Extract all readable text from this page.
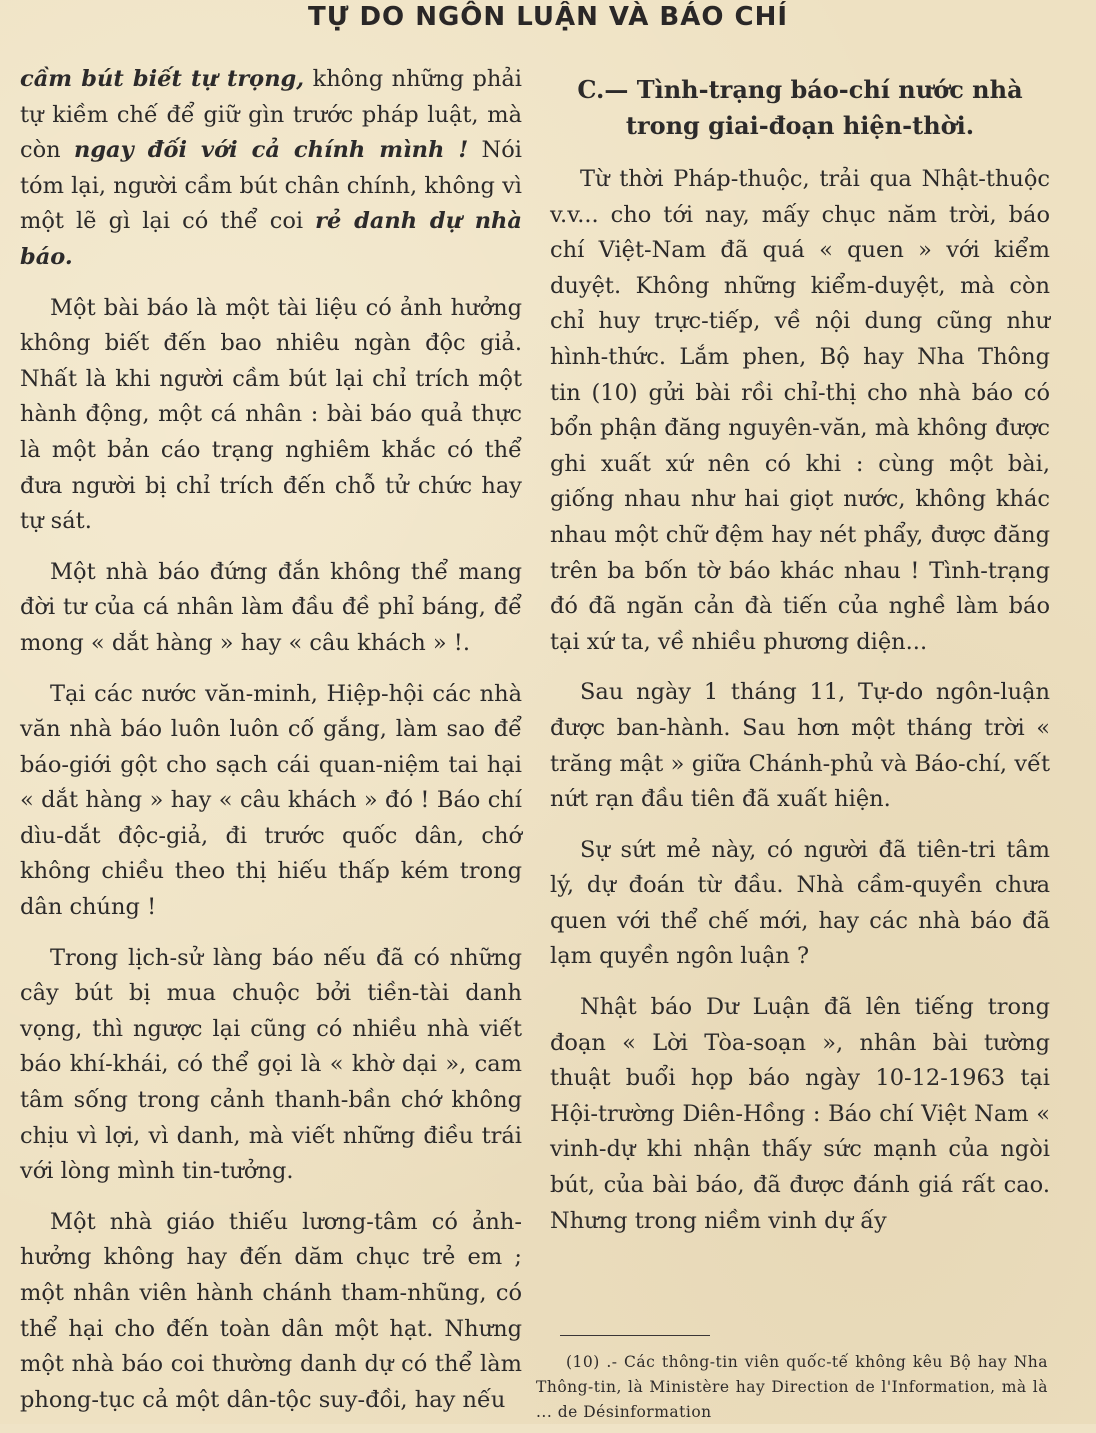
TỰ DO NGÔN LUẬN VÀ BÁO CHÍ

cầm bút biết tự trọng, không những phải tự kiềm chế để giữ gìn trước pháp luật, mà còn ngay đối với cả chính mình ! Nói tóm lại, người cầm bút chân chính, không vì một lẽ gì lại có thể coi rẻ danh dự nhà báo.

Một bài báo là một tài liệu có ảnh hưởng không biết đến bao nhiêu ngàn độc giả. Nhất là khi người cầm bút lại chỉ trích một hành động, một cá nhân : bài báo quả thực là một bản cáo trạng nghiêm khắc có thể đưa người bị chỉ trích đến chỗ tử chức hay tự sát.

Một nhà báo đứng đắn không thể mang đời tư của cá nhân làm đầu đề phỉ báng, để mong « dắt hàng » hay « câu khách » !.

Tại các nước văn-minh, Hiệp-hội các nhà văn nhà báo luôn luôn cố gắng, làm sao để báo-giới gột cho sạch cái quan-niệm tai hại « dắt hàng » hay « câu khách » đó ! Báo chí dìu-dắt độc-giả, đi trước quốc dân, chớ không chiều theo thị hiếu thấp kém trong dân chúng !

Trong lịch-sử làng báo nếu đã có những cây bút bị mua chuộc bởi tiền-tài danh vọng, thì ngược lại cũng có nhiều nhà viết báo khí-khái, có thể gọi là « khờ dại », cam tâm sống trong cảnh thanh-bần chớ không chịu vì lợi, vì danh, mà viết những điều trái với lòng mình tin-tưởng.

Một nhà giáo thiếu lương-tâm có ảnh-hưởng không hay đến dăm chục trẻ em ; một nhân viên hành chánh tham-nhũng, có thể hại cho đến toàn dân một hạt. Nhưng một nhà báo coi thường danh dự có thể làm phong-tục cả một dân-tộc suy-đồi, hay nếu

C.— Tình-trạng báo-chí nước nhà trong giai-đoạn hiện-thời.

Từ thời Pháp-thuộc, trải qua Nhật-thuộc v.v... cho tới nay, mấy chục năm trời, báo chí Việt-Nam đã quá « quen » với kiểm duyệt. Không những kiểm-duyệt, mà còn chỉ huy trực-tiếp, về nội dung cũng như hình-thức. Lắm phen, Bộ hay Nha Thông tin (10) gửi bài rồi chỉ-thị cho nhà báo có bổn phận đăng nguyên-văn, mà không được ghi xuất xứ nên có khi : cùng một bài, giống nhau như hai giọt nước, không khác nhau một chữ đệm hay nét phẩy, được đăng trên ba bốn tờ báo khác nhau ! Tình-trạng đó đã ngăn cản đà tiến của nghề làm báo tại xứ ta, về nhiều phương diện...

Sau ngày 1 tháng 11, Tự-do ngôn-luận được ban-hành. Sau hơn một tháng trời « trăng mật » giữa Chánh-phủ và Báo-chí, vết nứt rạn đầu tiên đã xuất hiện.

Sự sứt mẻ này, có người đã tiên-tri tâm lý, dự đoán từ đầu. Nhà cầm-quyền chưa quen với thể chế mới, hay các nhà báo đã lạm quyền ngôn luận ?

Nhật báo Dư Luận đã lên tiếng trong đoạn « Lời Tòa-soạn », nhân bài tường thuật buổi họp báo ngày 10-12-1963 tại Hội-trường Diên-Hồng : Báo chí Việt Nam « vinh-dự khi nhận thấy sức mạnh của ngòi bút, của bài báo, đã được đánh giá rất cao. Nhưng trong niềm vinh dự ấy

(10) .- Các thông-tin viên quốc-tế không kêu Bộ hay Nha Thông-tin, là Ministère hay Direction de l'Information, mà là ... de Désinformation
